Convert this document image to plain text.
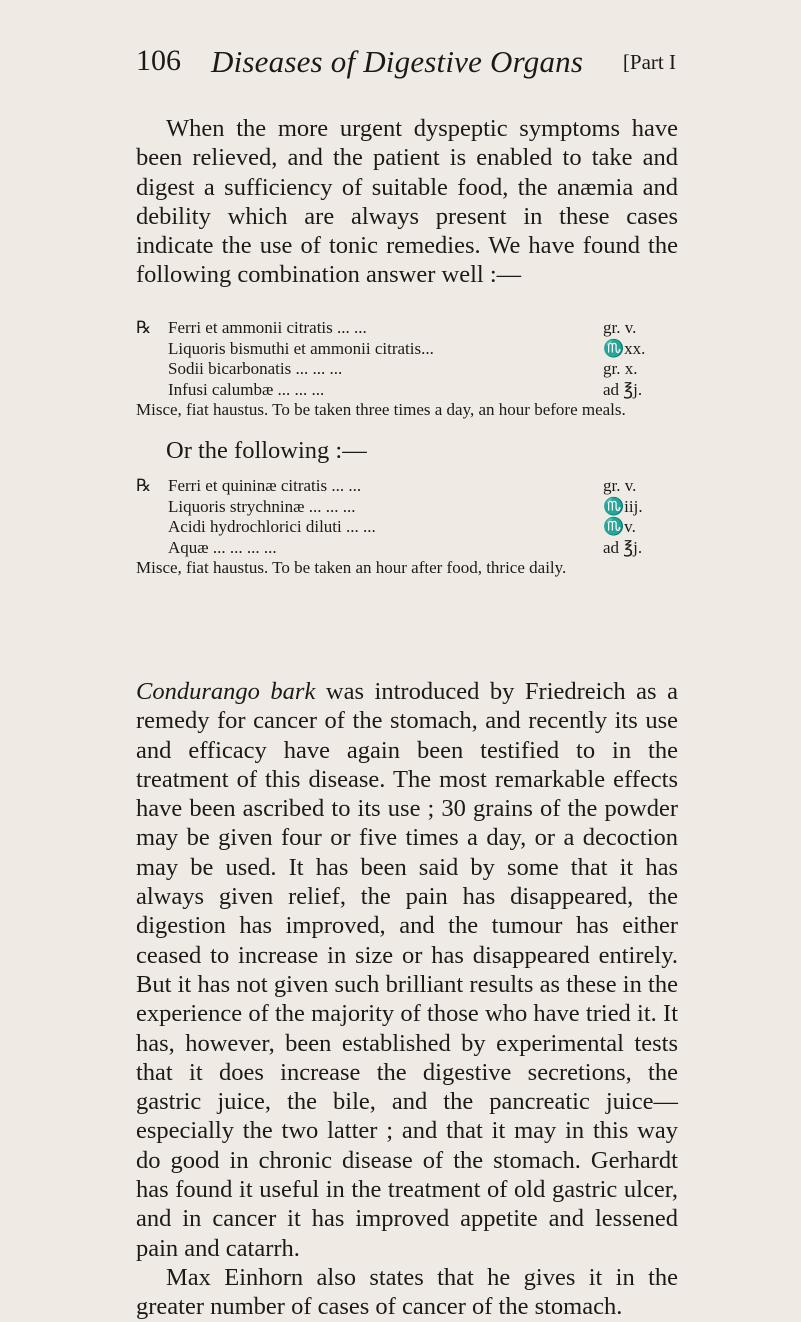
106 Diseases of Digestive Organs [Part I

When the more urgent dyspeptic symptoms have been relieved, and the patient is enabled to take and digest a sufficiency of suitable food, the anæmia and debility which are always present in these cases indicate the use of tonic remedies. We have found the following combination answer well :—

℞ Ferri et ammonii citratis ... ...	gr. v.
Liquoris bismuthi et ammonii citratis...	♏xx.
Sodii bicarbonatis ... ... ...	gr. x.
Infusi calumbæ ... ... ...	ad ℥j.

Misce, fiat haustus. To be taken three times a day, an hour before meals.

Or the following :—
℞ Ferri et quininæ citratis ... ...	gr. v.
Liquoris strychninæ ... ... ...	♏iij.
Acidi hydrochlorici diluti ... ...	♏v.
Aquæ ... ... ... ...	ad ℥j.

Misce, fiat haustus. To be taken an hour after food, thrice daily.

Condurango bark was introduced by Friedreich as a remedy for cancer of the stomach, and recently its use and efficacy have again been testified to in the treatment of this disease. The most remarkable effects have been ascribed to its use ; 30 grains of the powder may be given four or five times a day, or a decoction may be used. It has been said by some that it has always given relief, the pain has disappeared, the digestion has improved, and the tumour has either ceased to increase in size or has disappeared entirely. But it has not given such brilliant results as these in the experience of the majority of those who have tried it. It has, however, been established by experimental tests that it does increase the digestive secretions, the gastric juice, the bile, and the pancreatic juice—especially the two latter ; and that it may in this way do good in chronic disease of the stomach. Gerhardt has found it useful in the treatment of old gastric ulcer, and in cancer it has improved appetite and lessened pain and catarrh.
Max Einhorn also states that he gives it in the greater number of cases of cancer of the stomach.
